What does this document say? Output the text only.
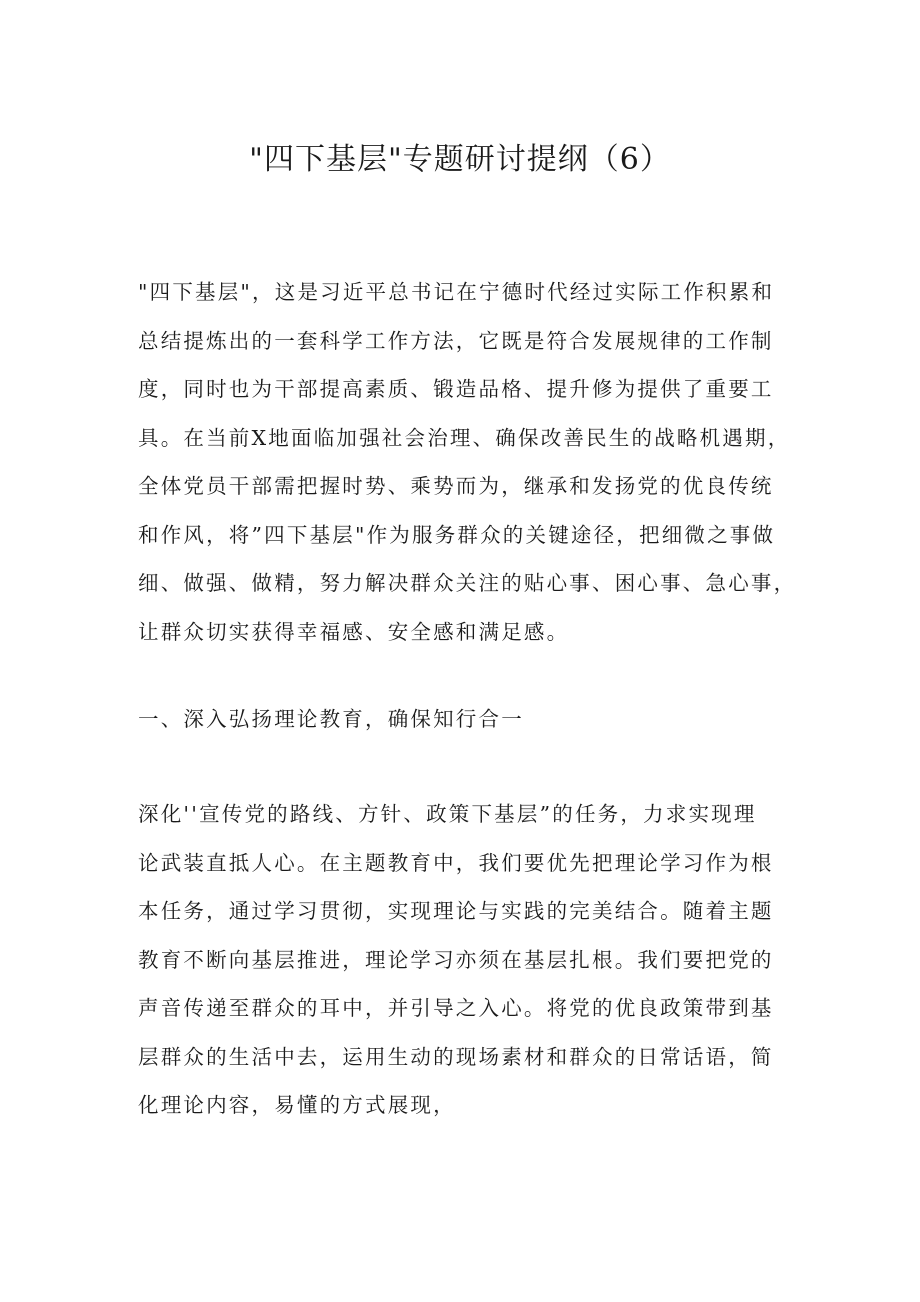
"四下基层"专题研讨提纲（6）
"四下基层"，这是习近平总书记在宁德时代经过实际工作积累和
总结提炼出的一套科学工作方法，它既是符合发展规律的工作制
度，同时也为干部提高素质、锻造品格、提升修为提供了重要工
具。在当前X地面临加强社会治理、确保改善民生的战略机遇期，
全体党员干部需把握时势、乘势而为，继承和发扬党的优良传统
和作风，将”四下基层"作为服务群众的关键途径，把细微之事做
细、做强、做精，努力解决群众关注的贴心事、困心事、急心事，
让群众切实获得幸福感、安全感和满足感。
一、深入弘扬理论教育，确保知行合一
深化''宣传党的路线、方针、政策下基层”的任务，力求实现理
论武装直抵人心。在主题教育中，我们要优先把理论学习作为根
本任务，通过学习贯彻，实现理论与实践的完美结合。随着主题
教育不断向基层推进，理论学习亦须在基层扎根。我们要把党的
声音传递至群众的耳中，并引导之入心。将党的优良政策带到基
层群众的生活中去，运用生动的现场素材和群众的日常话语，简
化理论内容，易懂的方式展现，
